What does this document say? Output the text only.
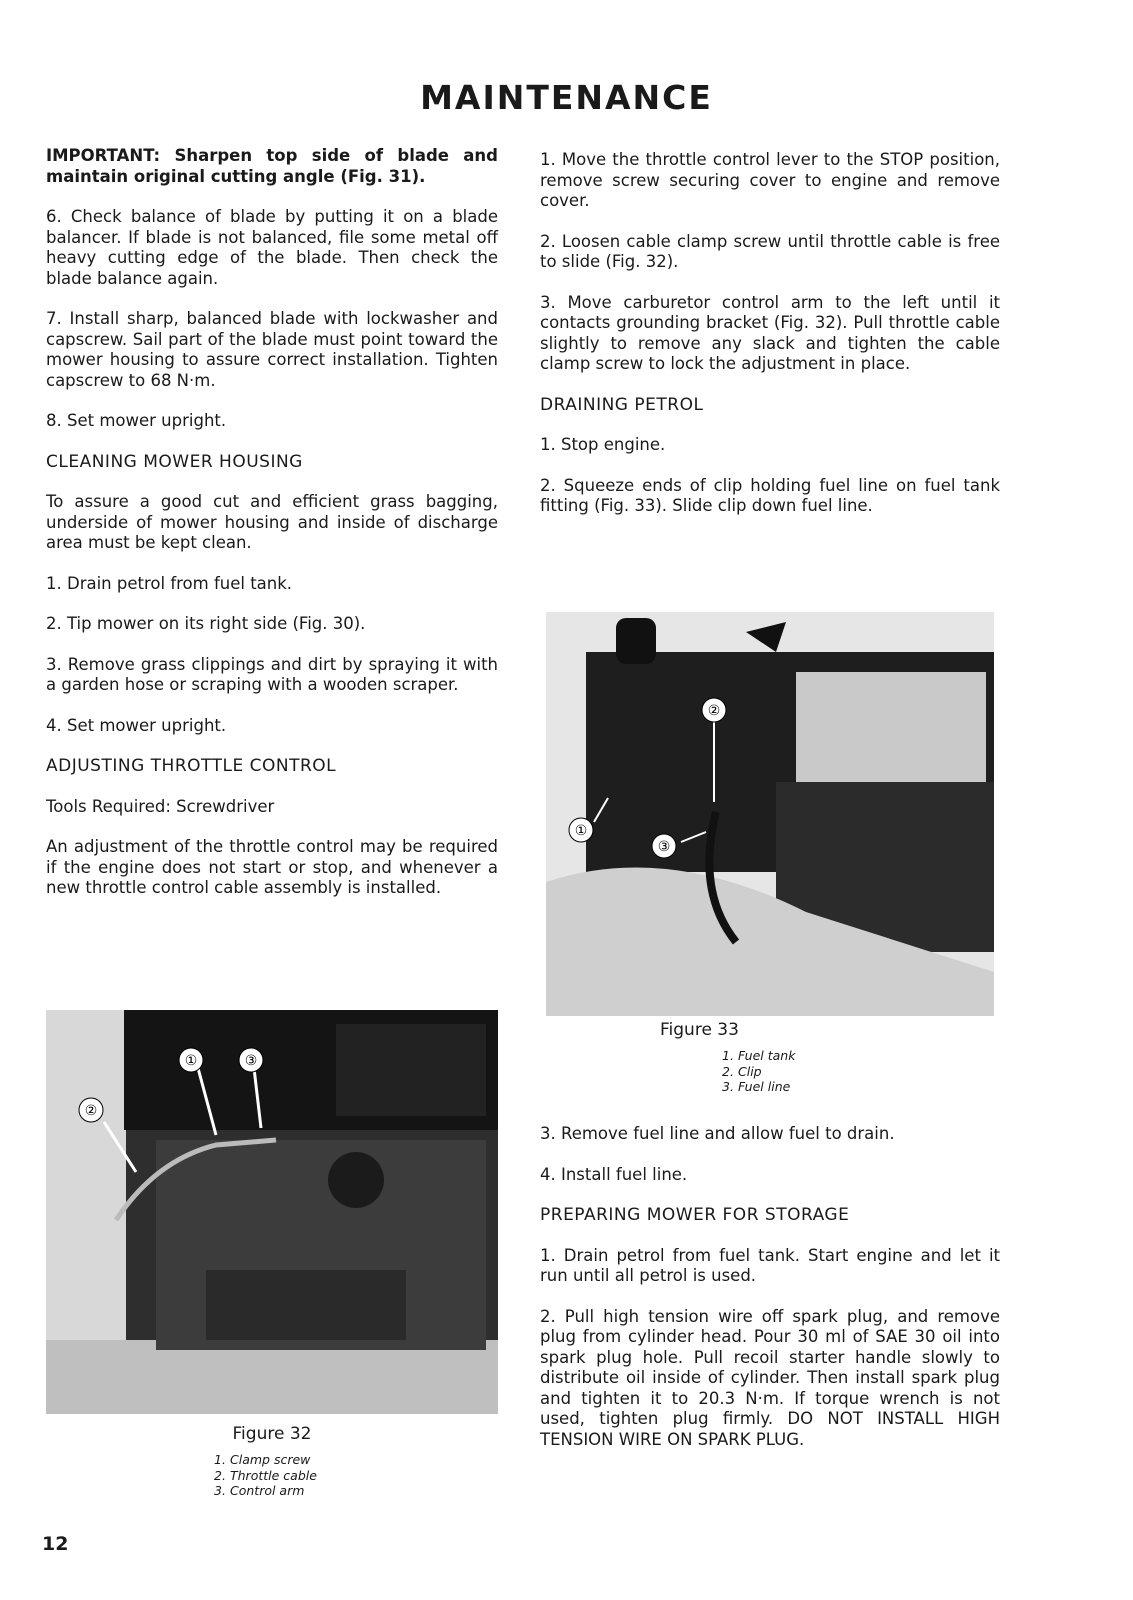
MAINTENANCE

IMPORTANT: Sharpen top side of blade and maintain original cutting angle (Fig. 31).

6. Check balance of blade by putting it on a blade balancer. If blade is not balanced, file some metal off heavy cutting edge of the blade. Then check the blade balance again.

7. Install sharp, balanced blade with lockwasher and capscrew. Sail part of the blade must point toward the mower housing to assure correct installation. Tighten capscrew to 68 N·m.

8. Set mower upright.

CLEANING MOWER HOUSING

To assure a good cut and efficient grass bagging, underside of mower housing and inside of discharge area must be kept clean.

1. Drain petrol from fuel tank.

2. Tip mower on its right side (Fig. 30).

3. Remove grass clippings and dirt by spraying it with a garden hose or scraping with a wooden scraper.

4. Set mower upright.

ADJUSTING THROTTLE CONTROL

Tools Required: Screwdriver

An adjustment of the throttle control may be required if the engine does not start or stop, and whenever a new throttle control cable assembly is installed.

①
②
③
Figure 32
1. Clamp screw
2. Throttle cable
3. Control arm

1. Move the throttle control lever to the STOP position, remove screw securing cover to engine and remove cover.

2. Loosen cable clamp screw until throttle cable is free to slide (Fig. 32).

3. Move carburetor control arm to the left until it contacts grounding bracket (Fig. 32). Pull throttle cable slightly to remove any slack and tighten the cable clamp screw to lock the adjustment in place.

DRAINING PETROL

1. Stop engine.

2. Squeeze ends of clip holding fuel line on fuel tank fitting (Fig. 33). Slide clip down fuel line.

①
②
③
Figure 33
1. Fuel tank
2. Clip
3. Fuel line

3. Remove fuel line and allow fuel to drain.

4. Install fuel line.

PREPARING MOWER FOR STORAGE

1. Drain petrol from fuel tank. Start engine and let it run until all petrol is used.

2. Pull high tension wire off spark plug, and remove plug from cylinder head. Pour 30 ml of SAE 30 oil into spark plug hole. Pull recoil starter handle slowly to distribute oil inside of cylinder. Then install spark plug and tighten it to 20.3 N·m. If torque wrench is not used, tighten plug firmly. DO NOT INSTALL HIGH TENSION WIRE ON SPARK PLUG.

12
